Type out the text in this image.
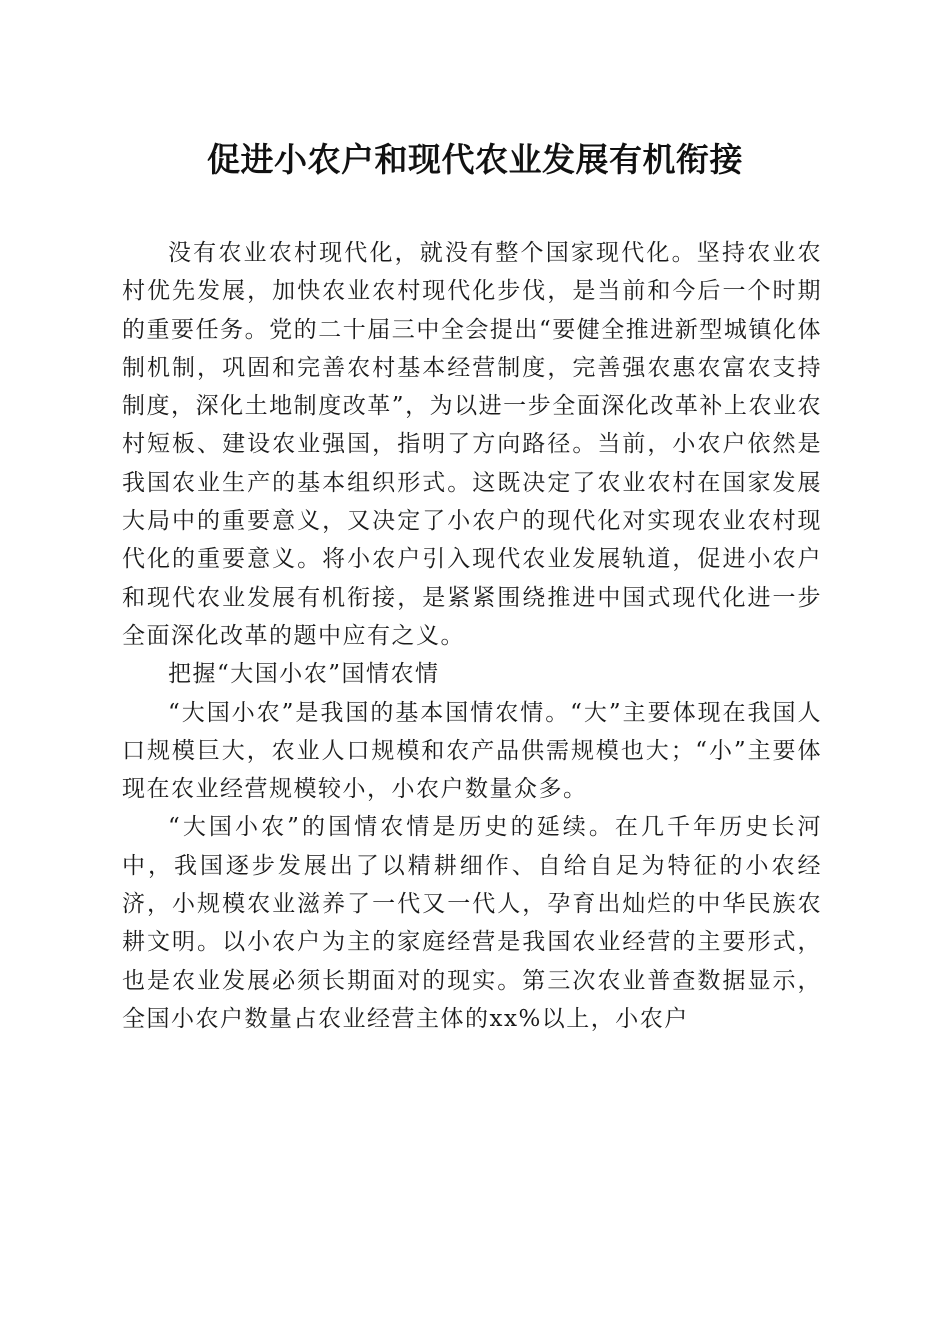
促进小农户和现代农业发展有机衔接

没有农业农村现代化，就没有整个国家现代化。坚持农业农村优先发展，加快农业农村现代化步伐，是当前和今后一个时期的重要任务。党的二十届三中全会提出“要健全推进新型城镇化体制机制，巩固和完善农村基本经营制度，完善强农惠农富农支持制度，深化土地制度改革”，为以进一步全面深化改革补上农业农村短板、建设农业强国，指明了方向路径。当前，小农户依然是我国农业生产的基本组织形式。这既决定了农业农村在国家发展大局中的重要意义，又决定了小农户的现代化对实现农业农村现代化的重要意义。将小农户引入现代农业发展轨道，促进小农户和现代农业发展有机衔接，是紧紧围绕推进中国式现代化进一步全面深化改革的题中应有之义。

把握“大国小农”国情农情

“大国小农”是我国的基本国情农情。“大”主要体现在我国人口规模巨大，农业人口规模和农产品供需规模也大；“小”主要体现在农业经营规模较小，小农户数量众多。

“大国小农”的国情农情是历史的延续。在几千年历史长河中，我国逐步发展出了以精耕细作、自给自足为特征的小农经济，小规模农业滋养了一代又一代人，孕育出灿烂的中华民族农耕文明。以小农户为主的家庭经营是我国农业经营的主要形式，也是农业发展必须长期面对的现实。第三次农业普查数据显示，全国小农户数量占农业经营主体的xx%以上，小农户
